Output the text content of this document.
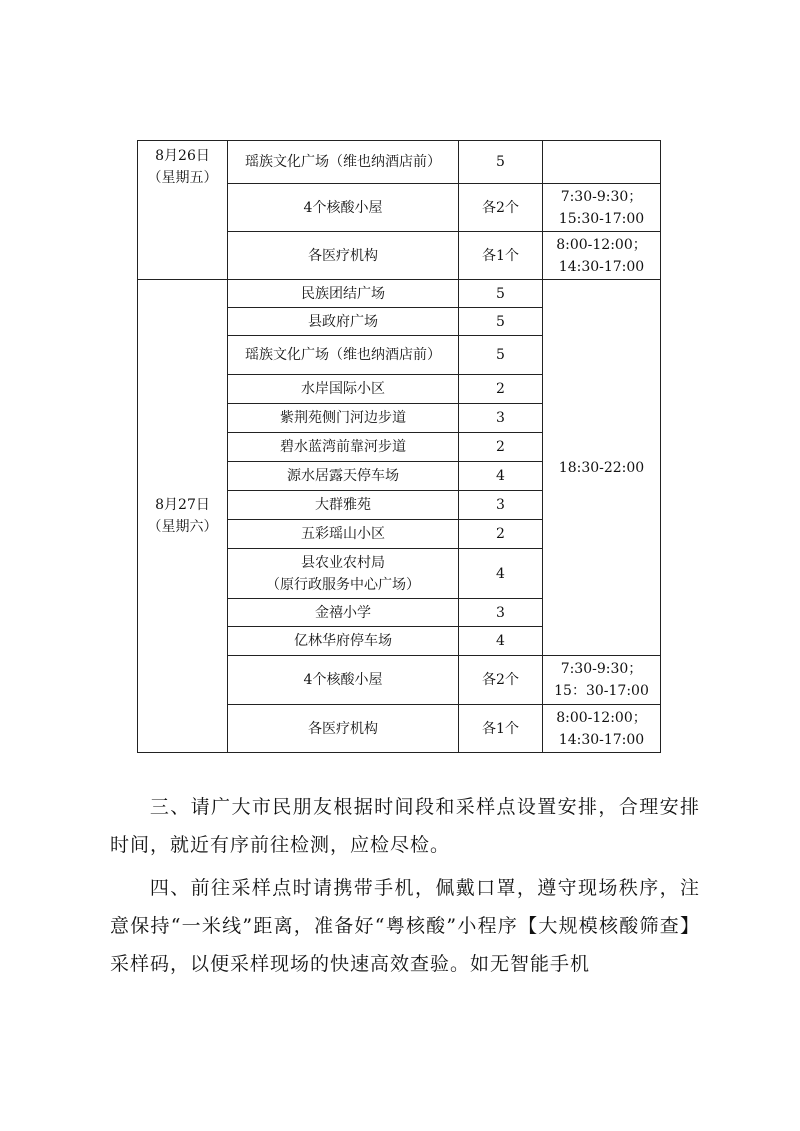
8月26日
（星期五）	瑶族文化广场（维也纳酒店前）	5	

	4个核酸小屋	各2个	7:30-9:30；
15:30-17:00

	各医疗机构	各1个	8:00-12:00；
14:30-17:00

8月27日
（星期六）	民族团结广场	5	18:30-22:00
	县政府广场	5	
	瑶族文化广场（维也纳酒店前）	5	
	水岸国际小区	2	
	紫荆苑侧门河边步道	3	
	碧水蓝湾前靠河步道	2	
	源水居露天停车场	4	
	大群雅苑	3	
	五彩瑶山小区	2	

	县农业农村局
（原行政服务中心广场）	4	
	金禧小学	3	
	亿林华府停车场	4	
	4个核酸小屋	各2个	7:30-9:30；
15：30-17:00

	各医疗机构	各1个	8:00-12:00；
14:30-17:00

三、请广大市民朋友根据时间段和采样点设置安排，合理安排时间，就近有序前往检测，应检尽检。

四、前往采样点时请携带手机，佩戴口罩，遵守现场秩序，注意保持“一米线”距离，准备好“粤核酸”小程序【大规模核酸筛查】采样码，以便采样现场的快速高效查验。如无智能手机
